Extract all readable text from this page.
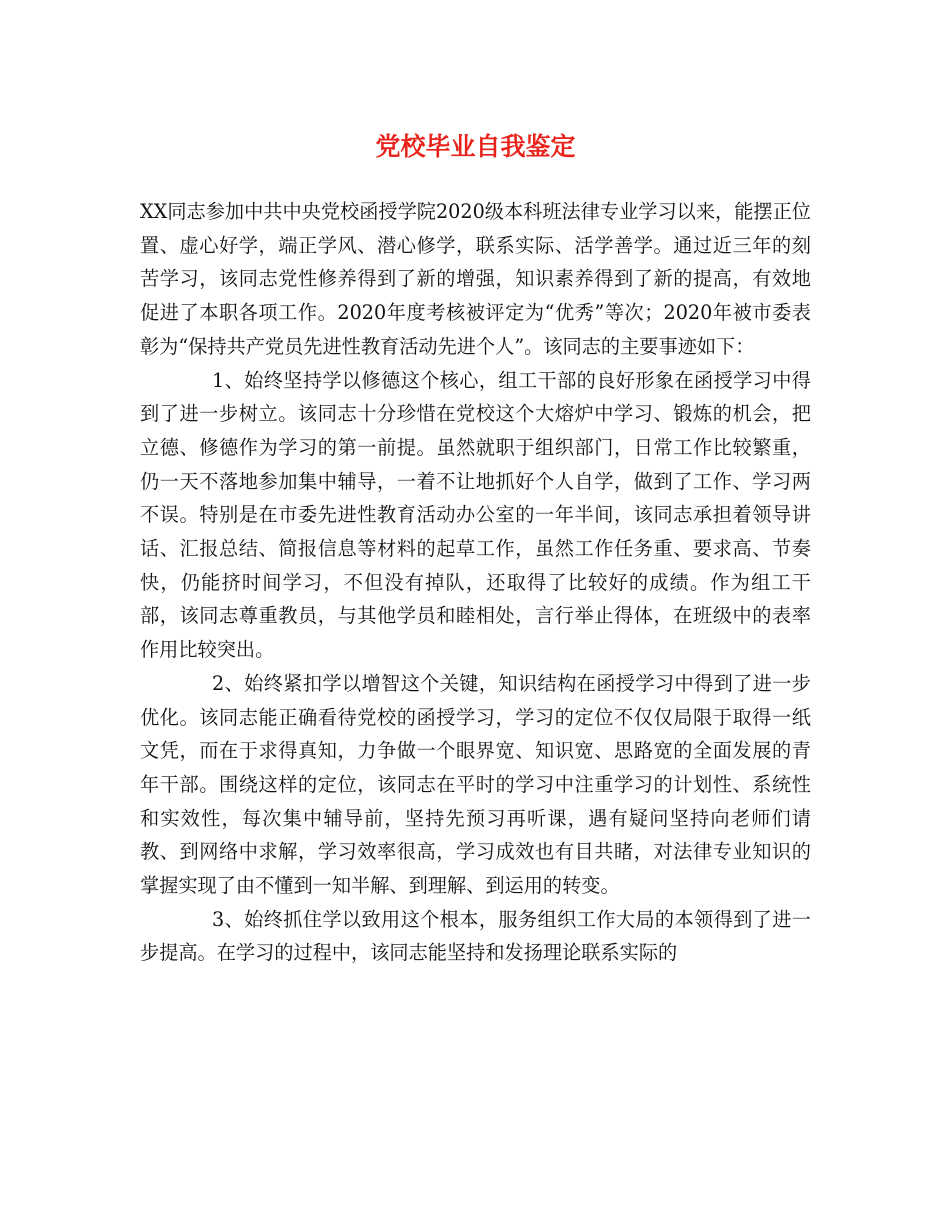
党校毕业自我鉴定

XX同志参加中共中央党校函授学院2020级本科班法律专业学习以来，能摆正位置、虚心好学，端正学风、潜心修学，联系实际、活学善学。通过近三年的刻苦学习，该同志党性修养得到了新的增强，知识素养得到了新的提高，有效地促进了本职各项工作。2020年度考核被评定为“优秀”等次；2020年被市委表彰为“保持共产党员先进性教育活动先进个人”。该同志的主要事迹如下：

1、始终坚持学以修德这个核心，组工干部的良好形象在函授学习中得到了进一步树立。该同志十分珍惜在党校这个大熔炉中学习、锻炼的机会，把立德、修德作为学习的第一前提。虽然就职于组织部门，日常工作比较繁重，仍一天不落地参加集中辅导，一着不让地抓好个人自学，做到了工作、学习两不误。特别是在市委先进性教育活动办公室的一年半间，该同志承担着领导讲话、汇报总结、简报信息等材料的起草工作，虽然工作任务重、要求高、节奏快，仍能挤时间学习，不但没有掉队，还取得了比较好的成绩。作为组工干部，该同志尊重教员，与其他学员和睦相处，言行举止得体，在班级中的表率作用比较突出。

2、始终紧扣学以增智这个关键，知识结构在函授学习中得到了进一步优化。该同志能正确看待党校的函授学习，学习的定位不仅仅局限于取得一纸文凭，而在于求得真知，力争做一个眼界宽、知识宽、思路宽的全面发展的青年干部。围绕这样的定位，该同志在平时的学习中注重学习的计划性、系统性和实效性，每次集中辅导前，坚持先预习再听课，遇有疑问坚持向老师们请教、到网络中求解，学习效率很高，学习成效也有目共睹，对法律专业知识的掌握实现了由不懂到一知半解、到理解、到运用的转变。

3、始终抓住学以致用这个根本，服务组织工作大局的本领得到了进一步提高。在学习的过程中，该同志能坚持和发扬理论联系实际的
